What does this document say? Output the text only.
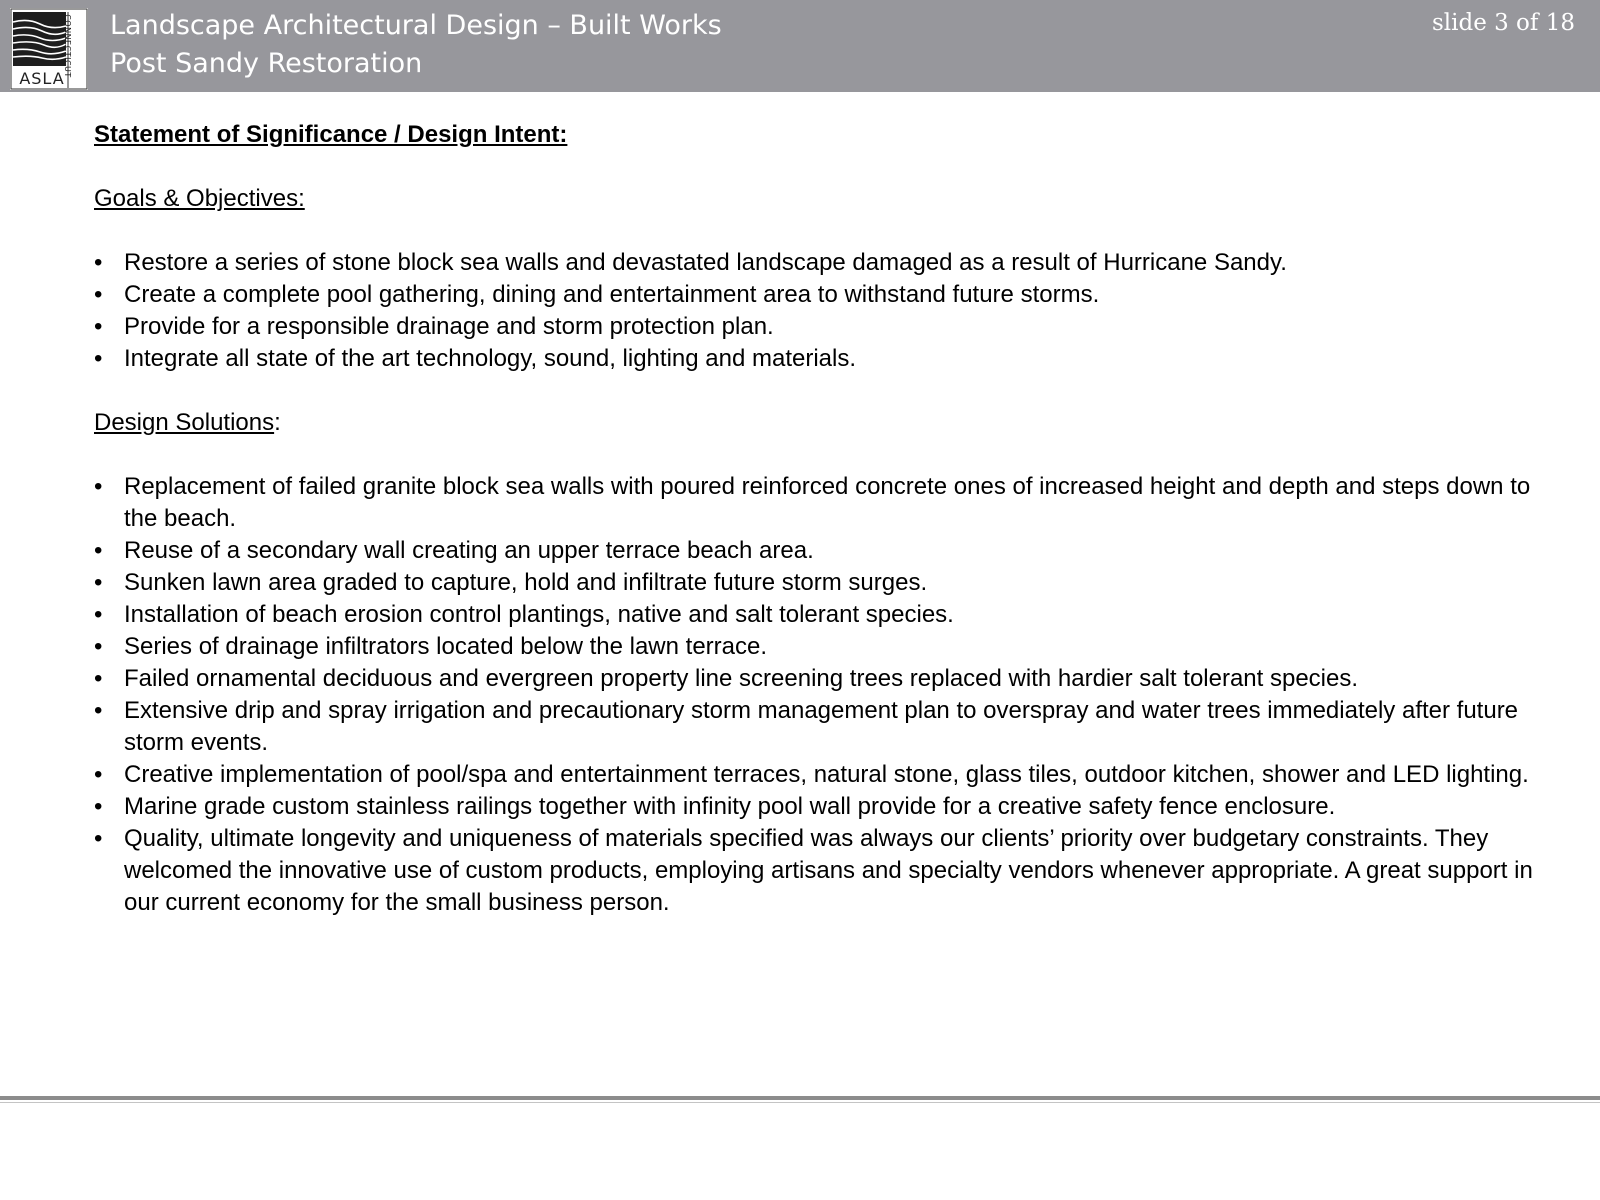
ASLA
CONNECTICUT Landscape Architectural Design – Built Works
Post Sandy Restoration
slide 3 of 18
Statement of Significance / Design Intent:
Goals & Objectives:
• Restore a series of stone block sea walls and devastated landscape damaged as a result of Hurricane Sandy.
• Create a complete pool gathering, dining and entertainment area to withstand future storms.
• Provide for a responsible drainage and storm protection plan.
• Integrate all state of the art technology, sound, lighting and materials.
Design Solutions:
• Replacement of failed granite block sea walls with poured reinforced concrete ones of increased height and depth and steps down to the beach.
• Reuse of a secondary wall creating an upper terrace beach area.
• Sunken lawn area graded to capture, hold and infiltrate future storm surges.
• Installation of beach erosion control plantings, native and salt tolerant species.
• Series of drainage infiltrators located below the lawn terrace.
• Failed ornamental deciduous and evergreen property line screening trees replaced with hardier salt tolerant species.
• Extensive drip and spray irrigation and precautionary storm management plan to overspray and water trees immediately after future storm events.
• Creative implementation of pool/spa and entertainment terraces, natural stone, glass tiles, outdoor kitchen, shower and LED lighting.
• Marine grade custom stainless railings together with infinity pool wall provide for a creative safety fence enclosure.
• Quality, ultimate longevity and uniqueness of materials specified was always our clients’ priority over budgetary constraints. They welcomed the innovative use of custom products, employing artisans and specialty vendors whenever appropriate. A great support in our current economy for the small business person.
